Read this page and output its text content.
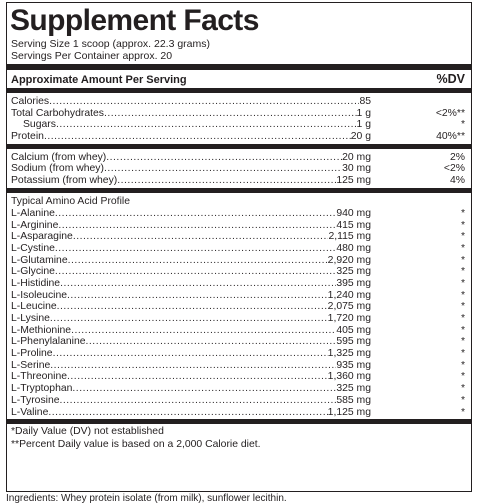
Supplement Facts
Serving Size 1 scoop (approx. 22.3 grams)
Servings Per Container approx. 20
Approximate Amount Per Serving	%DV
Calories .....	85
Total Carbohydrates .....	1 g	<2%**
Sugars .....	1 g	*
Protein .....	20 g	40%**
Calcium (from whey) .....	20 mg	2%
Sodium (from whey) .....	30 mg	<2%
Potassium (from whey) .....	125 mg	4%
Typical Amino Acid Profile
L-Alanine .....	940 mg	*
L-Arginine .....	415 mg	*
L-Asparagine .....	2,115 mg	*
L-Cystine .....	480 mg	*
L-Glutamine .....	2,920 mg	*
L-Glycine .....	325 mg	*
L-Histidine .....	395 mg	*
L-Isoleucine .....	1,240 mg	*
L-Leucine .....	2,075 mg	*
L-Lysine .....	1,720 mg	*
L-Methionine .....	405 mg	*
L-Phenylalanine .....	595 mg	*
L-Proline .....	1,325 mg	*
L-Serine .....	935 mg	*
L-Threonine .....	1,360 mg	*
L-Tryptophan .....	325 mg	*
L-Tyrosine .....	585 mg	*
L-Valine .....	1,125 mg	*
*Daily Value (DV) not established
**Percent Daily value is based on a 2,000 Calorie diet.
Ingredients: Whey protein isolate (from milk), sunflower lecithin.
